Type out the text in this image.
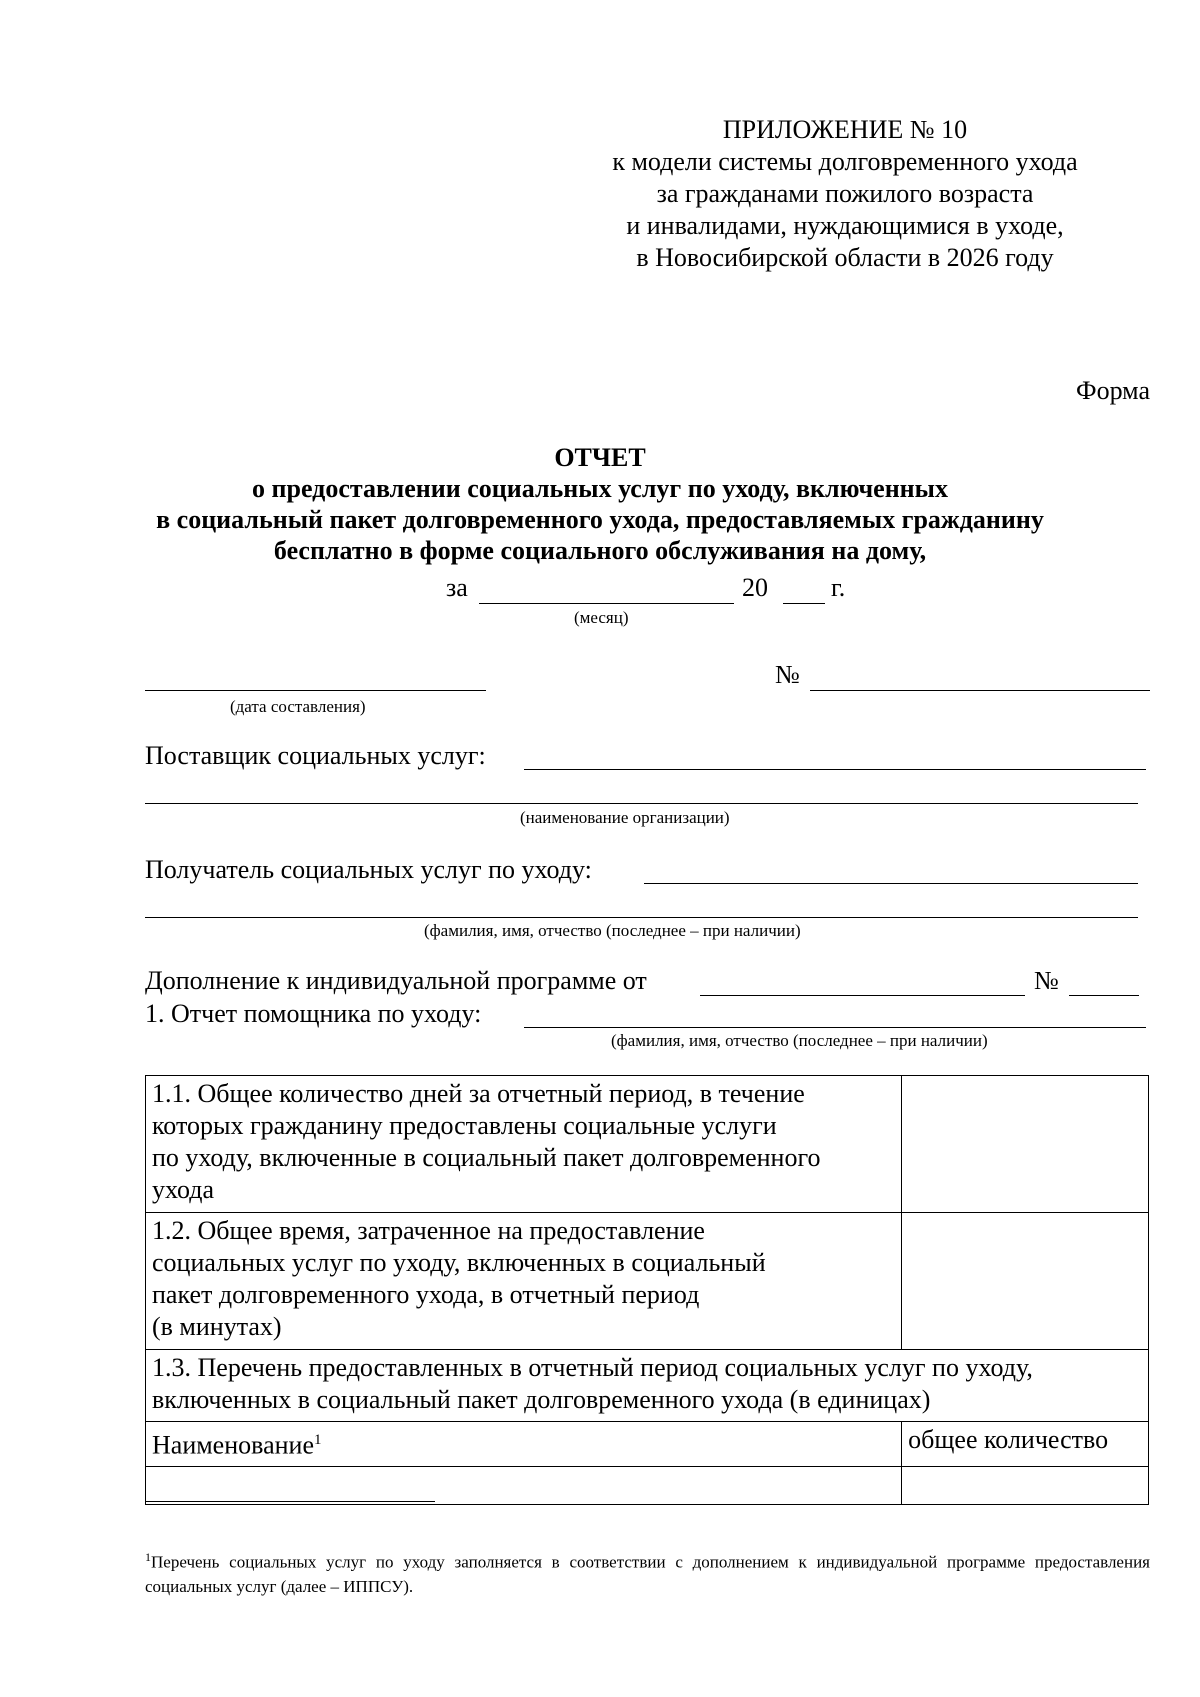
ПРИЛОЖЕНИЕ № 10
к модели системы долговременного ухода
за гражданами пожилого возраста
и инвалидами, нуждающимися в уходе,
в Новосибирской области в 2026 году
Форма
ОТЧЕТ
о предоставлении социальных услуг по уходу, включенных
в социальный пакет долговременного ухода, предоставляемых гражданину
бесплатно в форме социального обслуживания на дому,
за	20 г.
(месяц)
(дата составления)
№
Поставщик социальных услуг:
(наименование организации)
Получатель социальных услуг по уходу:
(фамилия, имя, отчество (последнее – при наличии)
Дополнение к индивидуальной программе от	№
1. Отчет помощника по уходу:
(фамилия, имя, отчество (последнее – при наличии)
1.1. Общее количество дней за отчетный период, в течение
которых гражданину предоставлены социальные услуги
по уходу, включенные в социальный пакет долговременного
ухода	

1.2. Общее время, затраченное на предоставление
социальных услуг по уходу, включенных в социальный
пакет долговременного ухода, в отчетный период
(в минутах)	

1.3. Перечень предоставленных в отчетный период социальных услуг по уходу,
включенных в социальный пакет долговременного ухода (в единицах)	

Наименование$^1$	общее количество

$^1$Перечень социальных услуг по уходу заполняется в соответствии с дополнением к индивидуальной программе предоставления социальных услуг (далее – ИППСУ).
